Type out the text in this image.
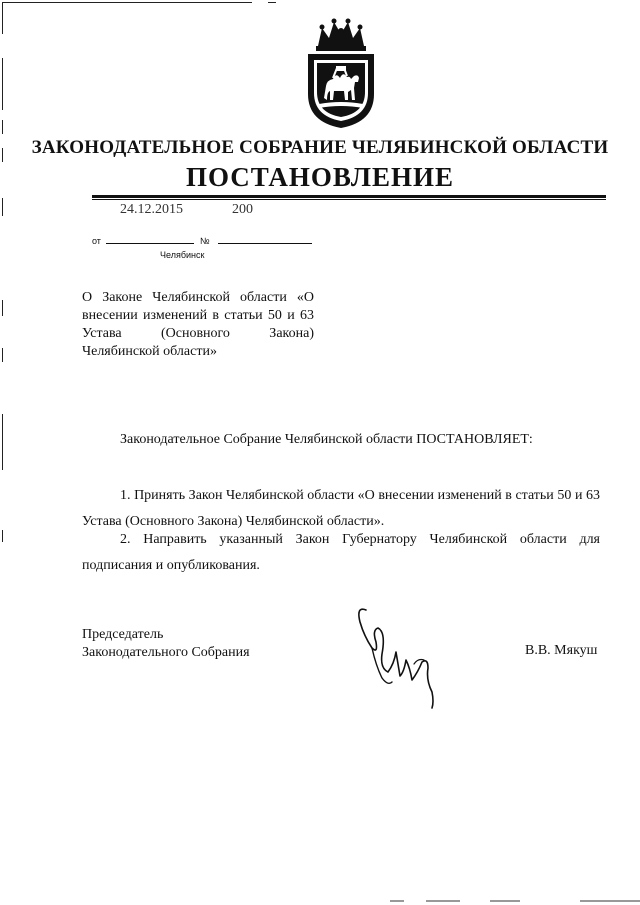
ЗАКОНОДАТЕЛЬНОЕ СОБРАНИЕ ЧЕЛЯБИНСКОЙ ОБЛАСТИ
ПОСТАНОВЛЕНИЕ
24.12.2015	200
от	№
Челябинск
О Законе Челябинской области «О внесении изменений в статьи 50 и 63 Устава (Основного Закона) Челябинской области»
Законодательное Собрание Челябинской области ПОСТАНОВЛЯЕТ:
1. Принять Закон Челябинской области «О внесении изменений в статьи 50 и 63 Устава (Основного Закона) Челябинской области».
2. Направить указанный Закон Губернатору Челябинской области для подписания и опубликования.
Председатель
Законодательного Собрания	В.В. Мякуш
